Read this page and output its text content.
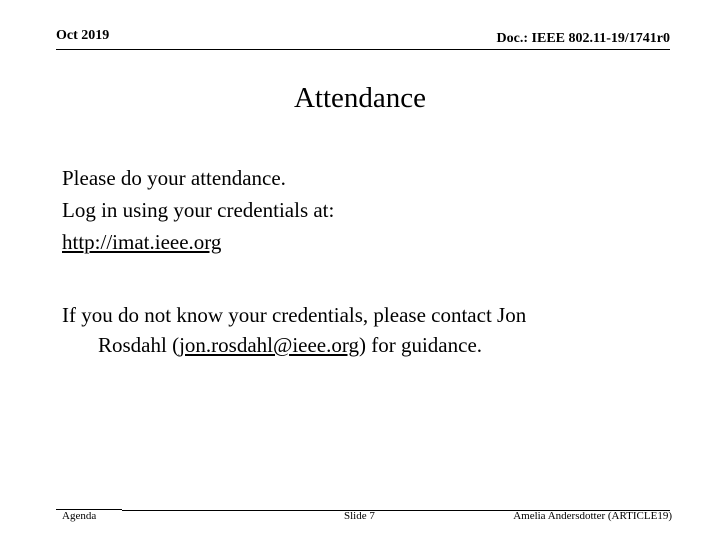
Oct 2019	Doc.: IEEE 802.11-19/1741r0
Attendance
Please do your attendance.
Log in using your credentials at:
http://imat.ieee.org
If you do not know your credentials, please contact Jon
Rosdahl (jon.rosdahl@ieee.org) for guidance.
Agenda	Slide 7	Amelia Andersdotter (ARTICLE19)
